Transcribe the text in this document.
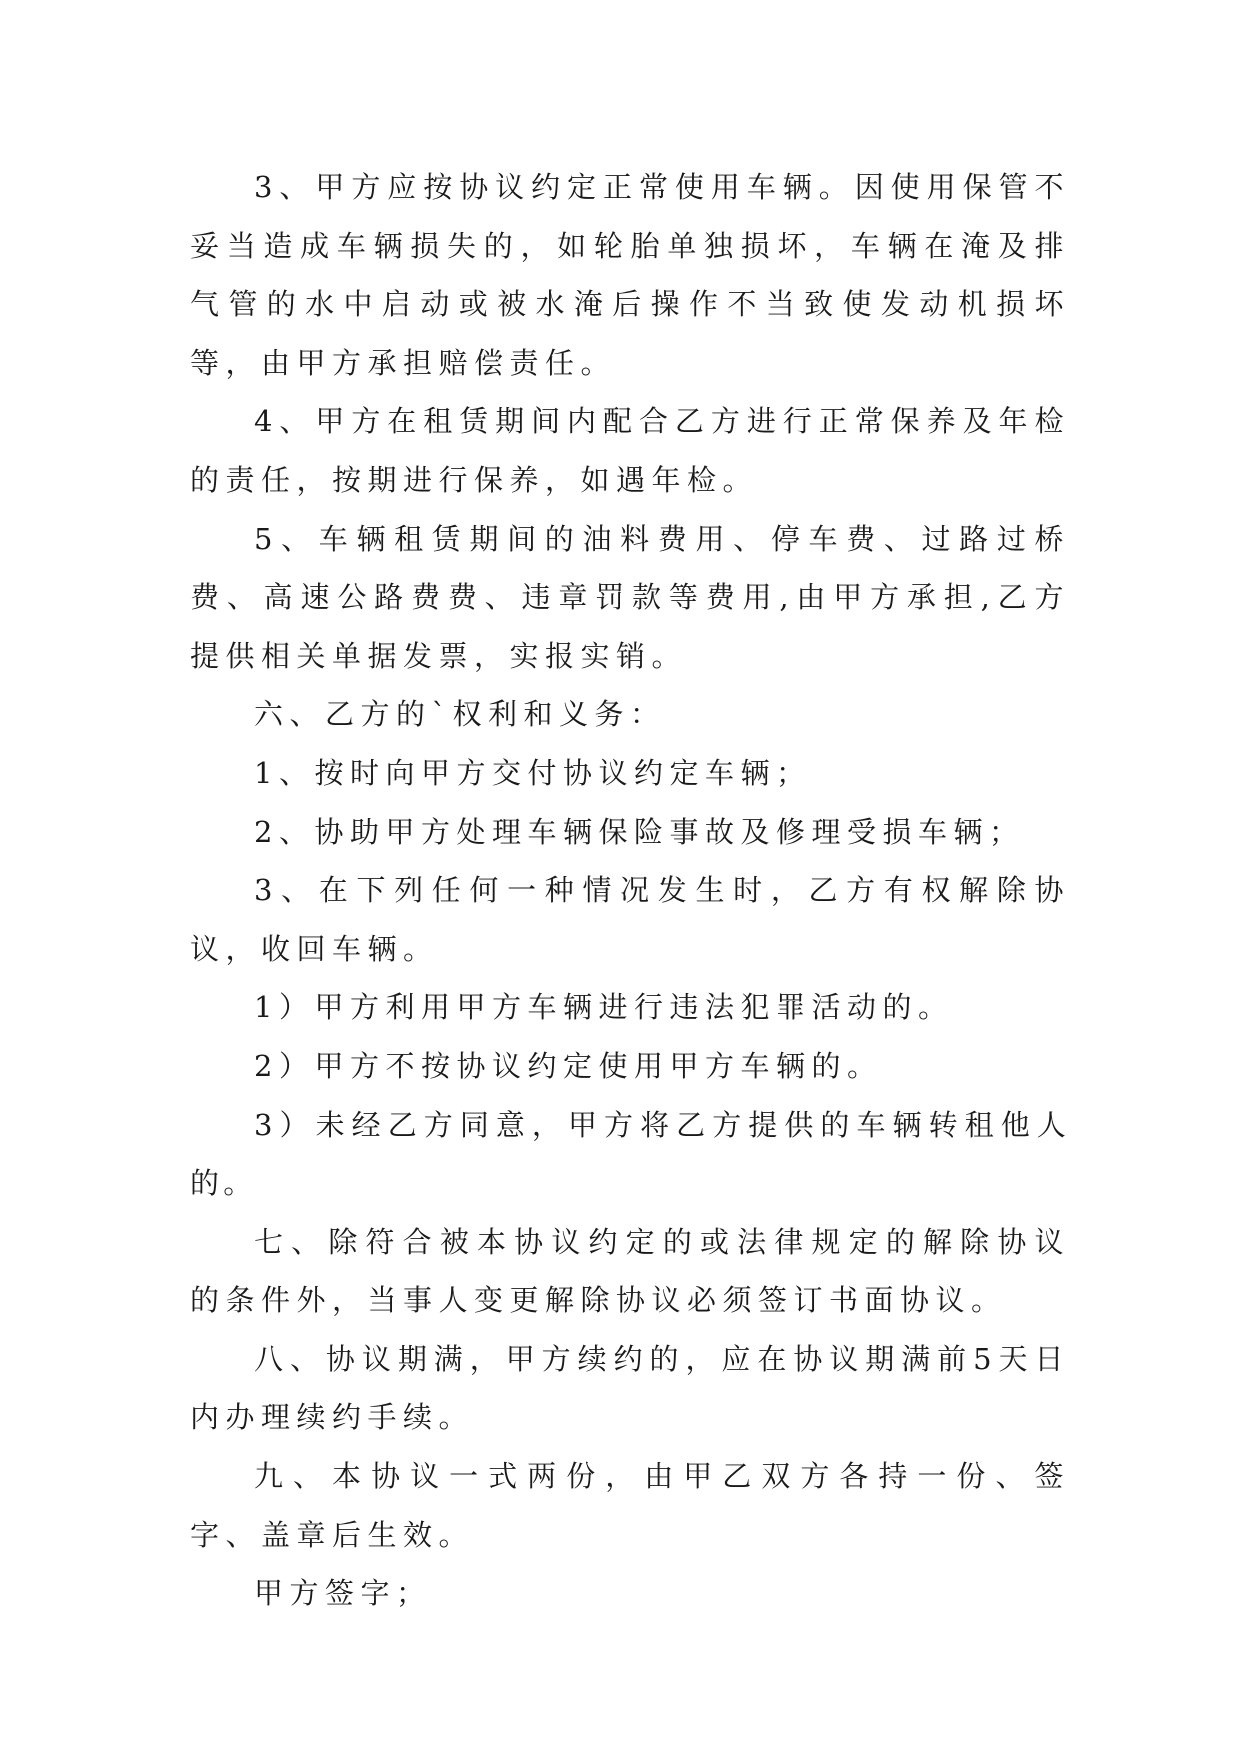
3、甲方应按协议约定正常使用车辆。因使用保管不妥当造成车辆损失的，如轮胎单独损坏，车辆在淹及排气管的水中启动或被水淹后操作不当致使发动机损坏等，由甲方承担赔偿责任。

4、甲方在租赁期间内配合乙方进行正常保养及年检的责任，按期进行保养，如遇年检。

5、车辆租赁期间的油料费用、停车费、过路过桥费、高速公路费费、违章罚款等费用,由甲方承担,乙方提供相关单据发票，实报实销。

六、乙方的`权利和义务：

1、按时向甲方交付协议约定车辆；

2、协助甲方处理车辆保险事故及修理受损车辆；

3、在下列任何一种情况发生时，乙方有权解除协议，收回车辆。

1）甲方利用甲方车辆进行违法犯罪活动的。

2）甲方不按协议约定使用甲方车辆的。

3）未经乙方同意，甲方将乙方提供的车辆转租他人的。

七、除符合被本协议约定的或法律规定的解除协议的条件外，当事人变更解除协议必须签订书面协议。

八、协议期满，甲方续约的，应在协议期满前5天日内办理续约手续。

九、本协议一式两份，由甲乙双方各持一份、签字、盖章后生效。

甲方签字；
